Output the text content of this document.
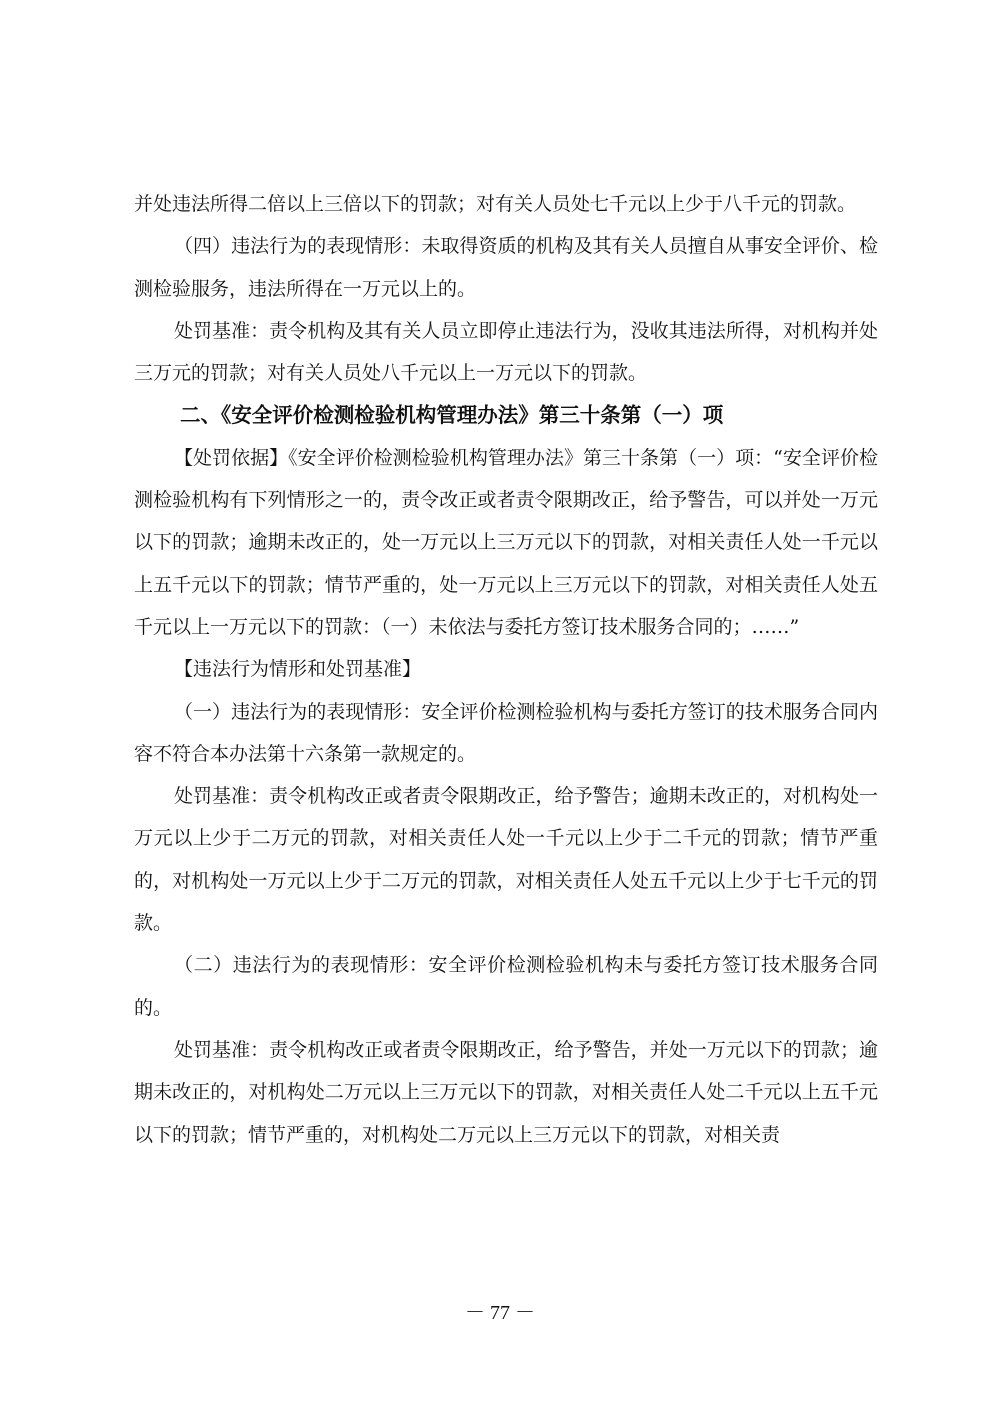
并处违法所得二倍以上三倍以下的罚款；对有关人员处七千元以上少于八千元的罚款。

（四）违法行为的表现情形：未取得资质的机构及其有关人员擅自从事安全评价、检测检验服务，违法所得在一万元以上的。

处罚基准：责令机构及其有关人员立即停止违法行为，没收其违法所得，对机构并处三万元的罚款；对有关人员处八千元以上一万元以下的罚款。

二、《安全评价检测检验机构管理办法》第三十条第（一）项

【处罚依据】《安全评价检测检验机构管理办法》第三十条第（一）项：“安全评价检测检验机构有下列情形之一的，责令改正或者责令限期改正，给予警告，可以并处一万元以下的罚款；逾期未改正的，处一万元以上三万元以下的罚款，对相关责任人处一千元以上五千元以下的罚款；情节严重的，处一万元以上三万元以下的罚款，对相关责任人处五千元以上一万元以下的罚款：（一）未依法与委托方签订技术服务合同的；……”

【违法行为情形和处罚基准】

（一）违法行为的表现情形：安全评价检测检验机构与委托方签订的技术服务合同内容不符合本办法第十六条第一款规定的。

处罚基准：责令机构改正或者责令限期改正，给予警告；逾期未改正的，对机构处一万元以上少于二万元的罚款，对相关责任人处一千元以上少于二千元的罚款；情节严重的，对机构处一万元以上少于二万元的罚款，对相关责任人处五千元以上少于七千元的罚款。

（二）违法行为的表现情形：安全评价检测检验机构未与委托方签订技术服务合同的。

处罚基准：责令机构改正或者责令限期改正，给予警告，并处一万元以下的罚款；逾期未改正的，对机构处二万元以上三万元以下的罚款，对相关责任人处二千元以上五千元以下的罚款；情节严重的，对机构处二万元以上三万元以下的罚款，对相关责

－ 77 －
